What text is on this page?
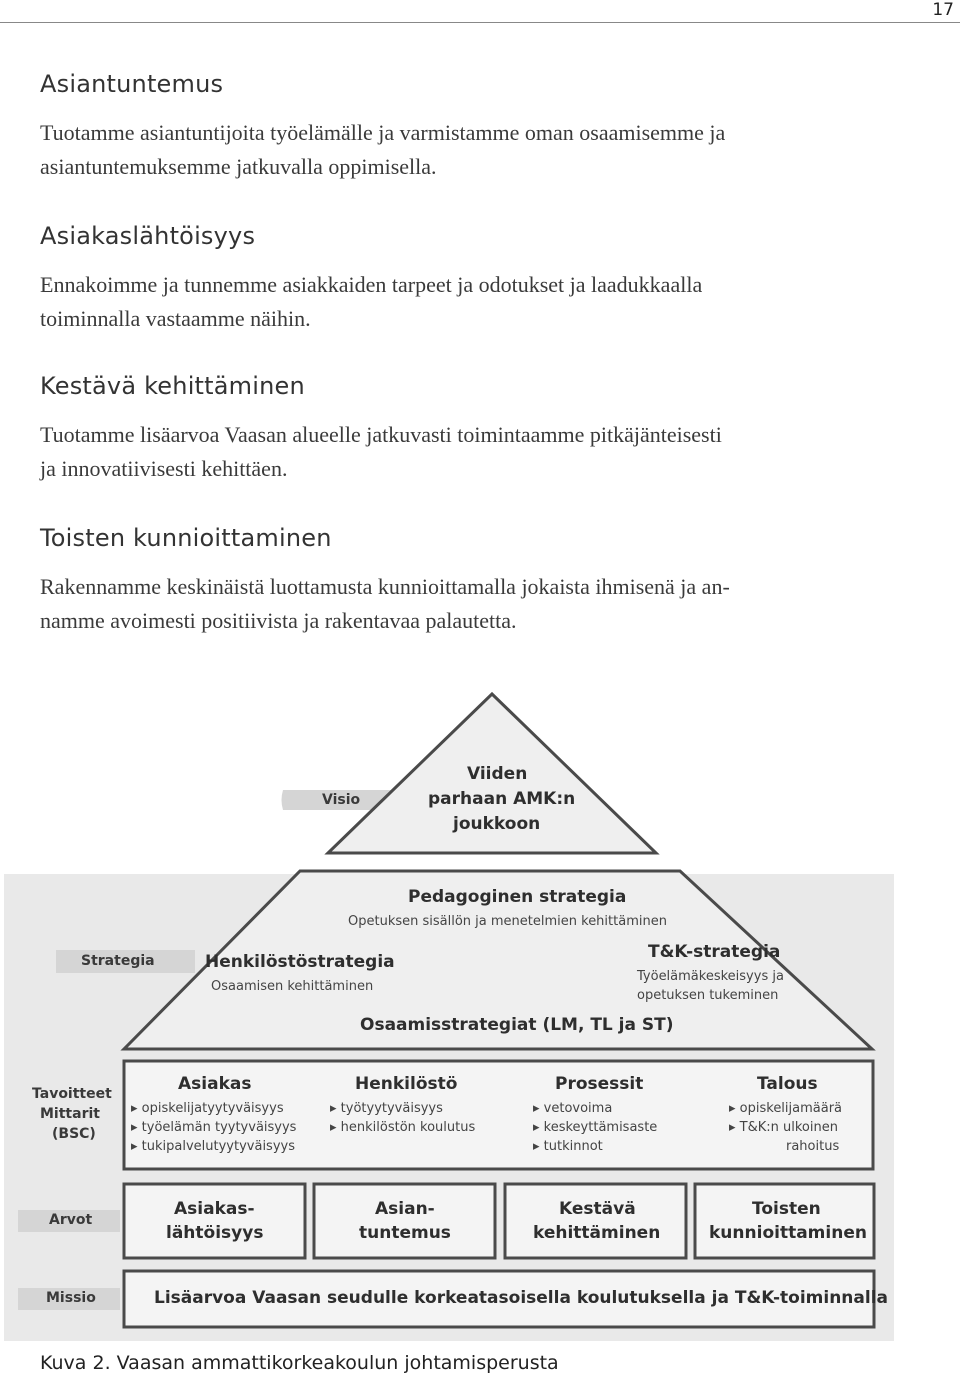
17
Asiantuntemus

Tuotamme asiantuntijoita työelämälle ja varmistamme oman osaamisemme ja
asiantuntemuksemme jatkuvalla oppimisella.

Asiakaslähtöisyys

Ennakoimme ja tunnemme asiakkaiden tarpeet ja odotukset ja laadukkaalla
toiminnalla vastaamme näihin.

Kestävä kehittäminen

Tuotamme lisäarvoa Vaasan alueelle jatkuvasti toimintaamme pitkäjänteisesti
ja innovatiivisesti kehittäen.

Toisten kunnioittaminen

Rakennamme keskinäistä luottamusta kunnioittamalla jokaista ihmisenä ja an-
namme avoimesti positiivista ja rakentavaa palautetta.

Visio
Strategia
Tavoitteet
Mittarit
(BSC)
Arvot
Missio
Viiden
parhaan AMK:n
joukkoon
Pedagoginen strategia
Opetuksen sisällön ja menetelmien kehittäminen
Henkilöstöstrategia
Osaamisen kehittäminen
T&K-strategia
Työelämäkeskeisyys ja
opetuksen tukeminen
Osaamisstrategiat (LM, TL ja ST)
Asiakas
▸ opiskelijatyytyväisyys
▸ työelämän tyytyväisyys
▸ tukipalvelutyytyväisyys
Henkilöstö
▸ työtyytyväisyys
▸ henkilöstön koulutus
Prosessit
▸ vetovoima
▸ keskeyttämisaste
▸ tutkinnot
Talous
▸ opiskelijamäärä
▸ T&K:n ulkoinen
rahoitus
Asiakas-
lähtöisyys
Asian-
tuntemus
Kestävä
kehittäminen
Toisten
kunnioittaminen
Lisäarvoa Vaasan seudulle korkeatasoisella koulutuksella ja T&K-toiminnalla
Kuva 2. Vaasan ammattikorkeakoulun johtamisperusta
